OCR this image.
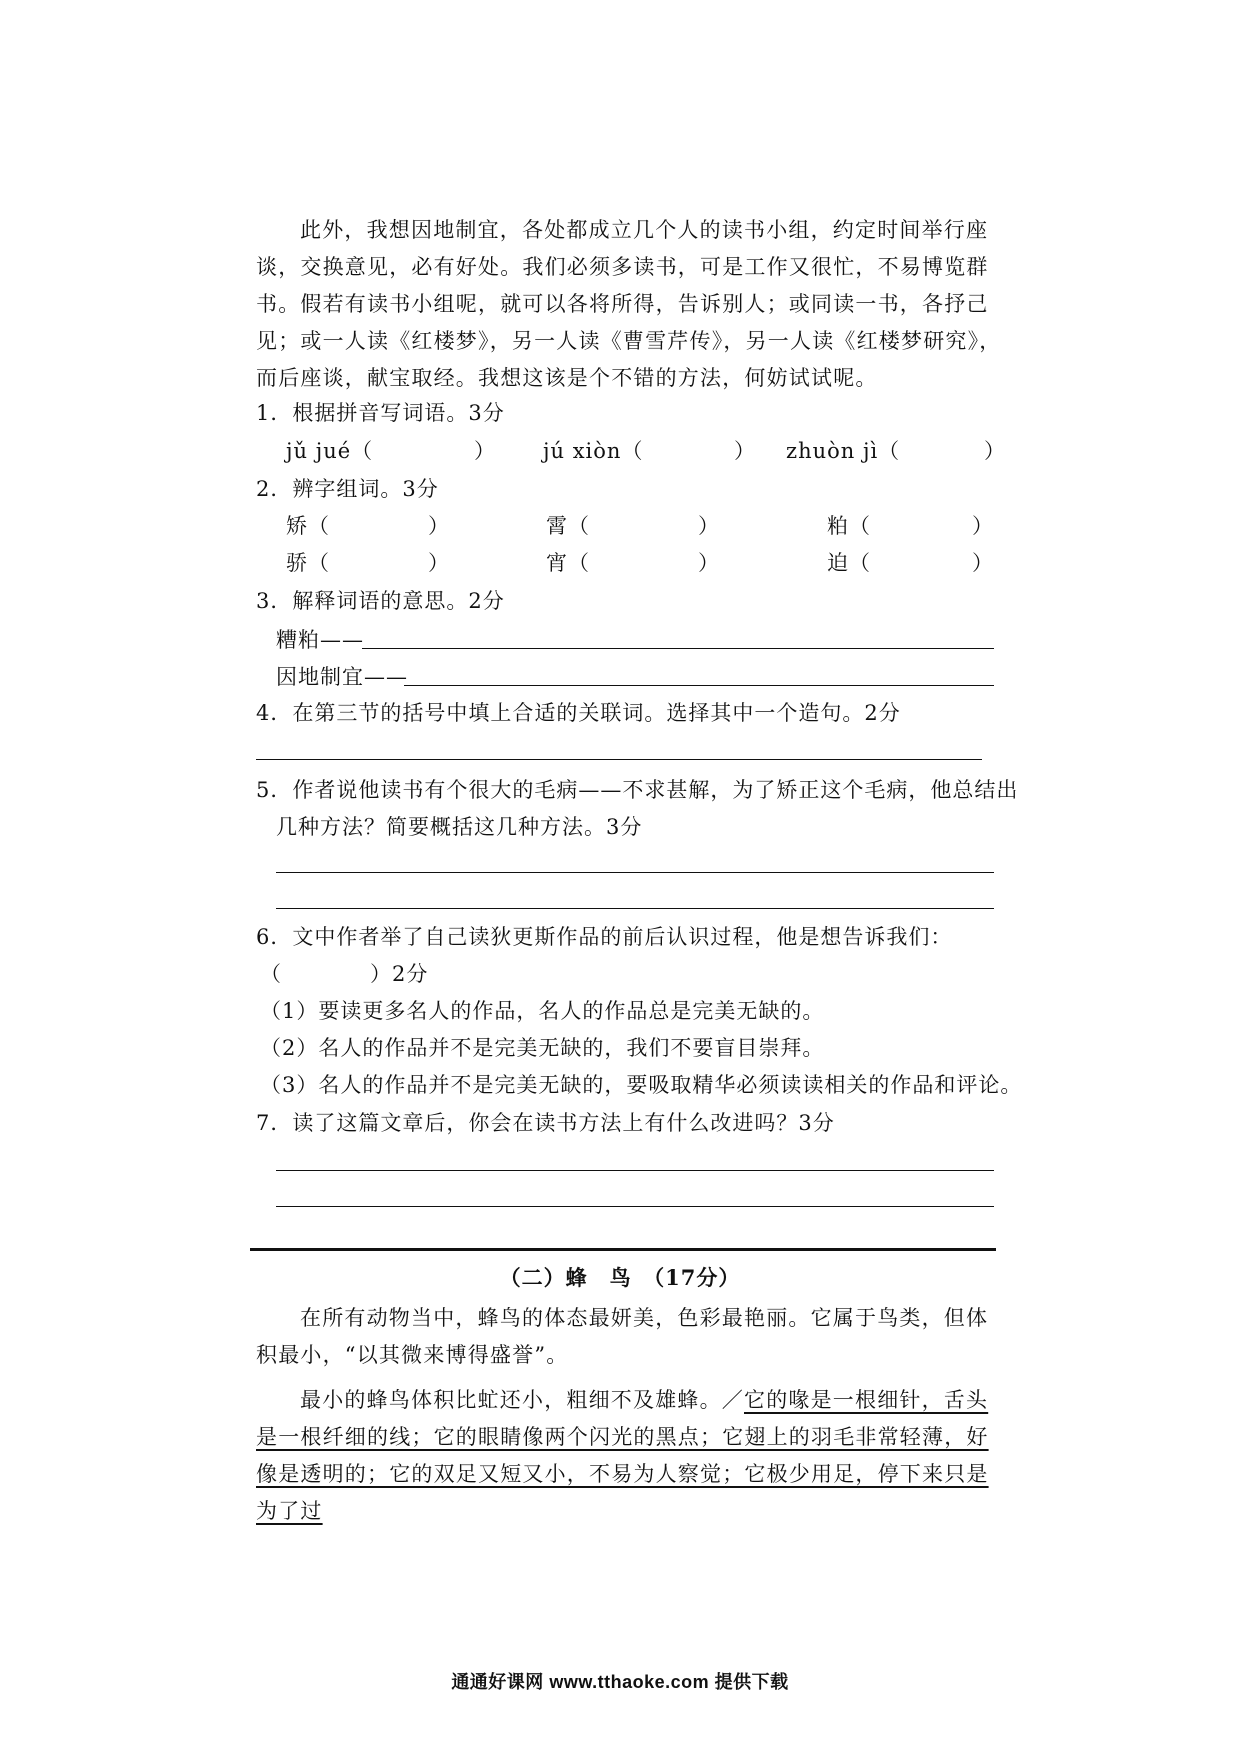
此外，我想因地制宜，各处都成立几个人的读书小组，约定时间举行座谈，交换意见，必有好处。我们必须多读书，可是工作又很忙，不易博览群书。假若有读书小组呢，就可以各将所得，告诉别人；或同读一书，各抒己见；或一人读《红楼梦》，另一人读《曹雪芹传》，另一人读《红楼梦研究》，而后座谈，献宝取经。我想这该是个不错的方法，何妨试试呢。
1．根据拼音写词语。3分
jǔ jué（	） jú xiòn（	） zhuòn jì（	）
2．辨字组词。3分
矫（	）	霄（	）	粕（	）
骄（	）	宵（	）	迫（	）
3．解释词语的意思。2分
糟粕——
因地制宜——
4．在第三节的括号中填上合适的关联词。选择其中一个造句。2分
5．作者说他读书有个很大的毛病——不求甚解，为了矫正这个毛病，他总结出
几种方法？简要概括这几种方法。3分
6．文中作者举了自己读狄更斯作品的前后认识过程，他是想告诉我们：
（　　　　）2分
（1）要读更多名人的作品，名人的作品总是完美无缺的。
（2）名人的作品并不是完美无缺的，我们不要盲目崇拜。
（3）名人的作品并不是完美无缺的，要吸取精华必须读读相关的作品和评论。
7．读了这篇文章后，你会在读书方法上有什么改进吗？3分
（二）蜂　鸟　（17分）
在所有动物当中，蜂鸟的体态最妍美，色彩最艳丽。它属于鸟类，但体积最小，“以其微来博得盛誉”。
最小的蜂鸟体积比虻还小，粗细不及雄蜂。／它的喙是一根细针，舌头是一根纤细的线；它的眼睛像两个闪光的黑点；它翅上的羽毛非常轻薄，好像是透明的；它的双足又短又小，不易为人察觉；它极少用足，停下来只是为了过
通通好课网 www.tthaoke.com 提供下载
